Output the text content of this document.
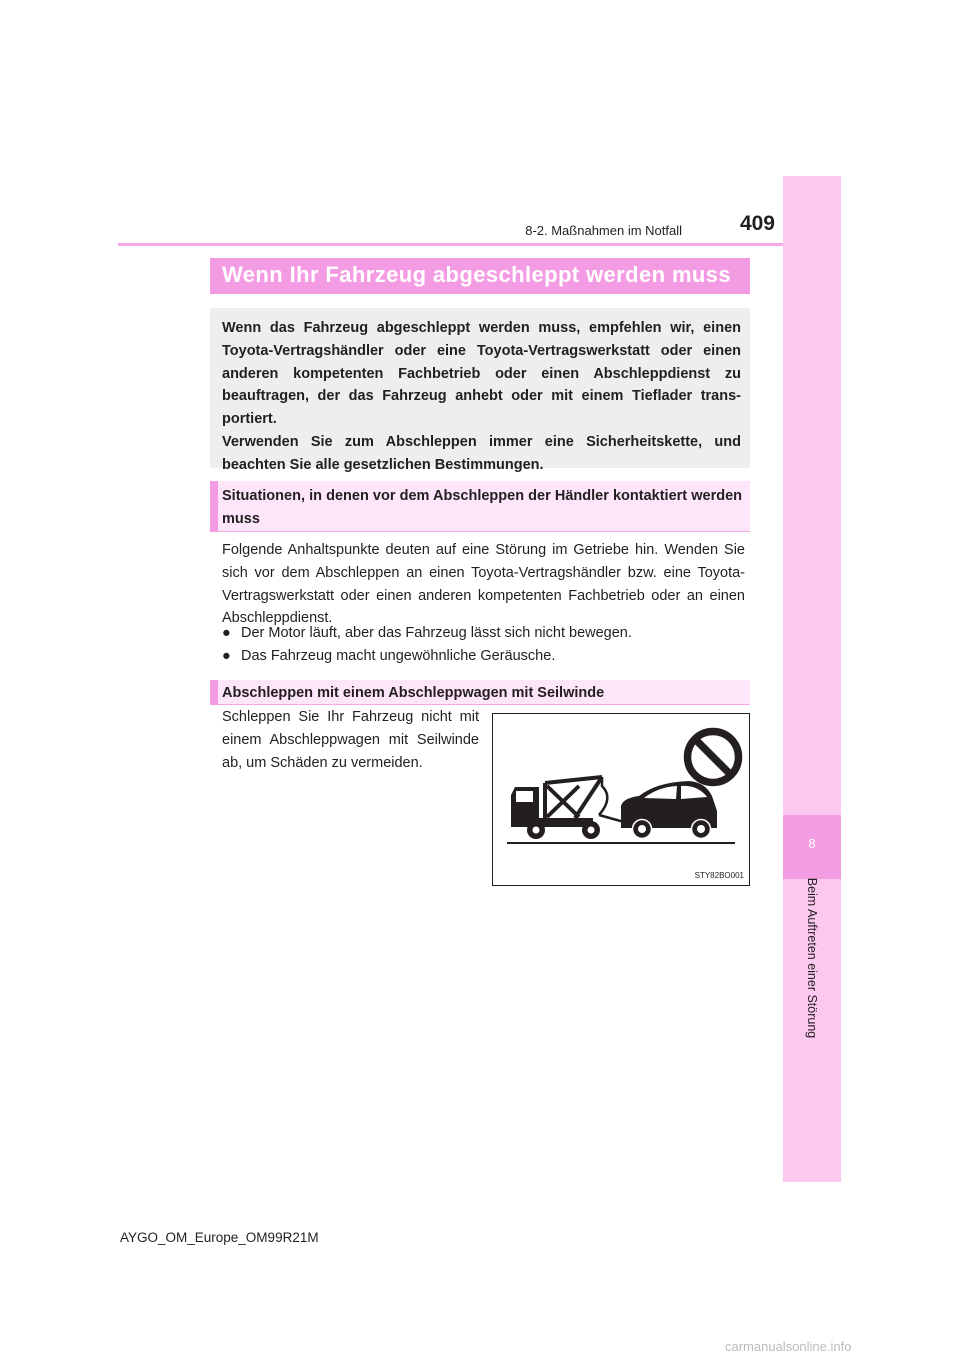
8
Beim Auftreten einer Störung
8-2. Maßnahmen im Notfall	409
Wenn Ihr Fahrzeug abgeschleppt werden muss

Wenn das Fahrzeug abgeschleppt werden muss, empfehlen wir, einen Toyota-Vertragshändler oder eine Toyota-Vertragswerkstatt oder einen anderen kompetenten Fachbetrieb oder einen Abschleppdienst zu beauftragen, der das Fahrzeug anhebt oder mit einem Tieflader transportiert.

Verwenden Sie zum Abschleppen immer eine Sicherheitskette, und beachten Sie alle gesetzlichen Bestimmungen.

Situationen, in denen vor dem Abschleppen der Händler kontaktiert werden muss

Folgende Anhaltspunkte deuten auf eine Störung im Getriebe hin. Wenden Sie sich vor dem Abschleppen an einen Toyota-Vertragshändler bzw. eine Toyota-Vertragswerkstatt oder einen anderen kompetenten Fachbetrieb oder an einen Abschleppdienst.

● Der Motor läuft, aber das Fahrzeug lässt sich nicht bewegen.
● Das Fahrzeug macht ungewöhnliche Geräusche.
Abschleppen mit einem Abschleppwagen mit Seilwinde

Schleppen Sie Ihr Fahrzeug nicht mit einem Abschleppwagen mit Seilwinde ab, um Schäden zu vermeiden.

STY82BO001
AYGO_OM_Europe_OM99R21M
carmanualsonline.info
